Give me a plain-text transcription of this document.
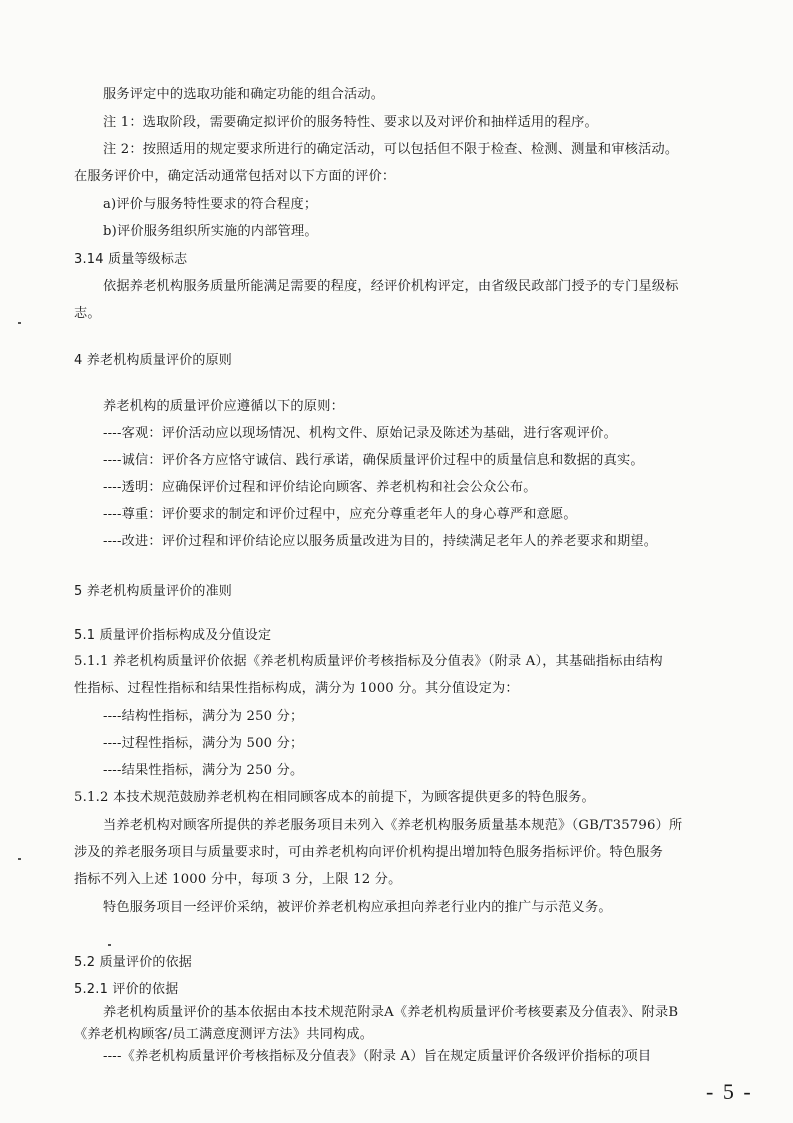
服务评定中的选取功能和确定功能的组合活动。
注 1：选取阶段，需要确定拟评价的服务特性、要求以及对评价和抽样适用的程序。
注 2：按照适用的规定要求所进行的确定活动，可以包括但不限于检查、检测、测量和审核活动。
在服务评价中，确定活动通常包括对以下方面的评价：
a)评价与服务特性要求的符合程度；
b)评价服务组织所实施的内部管理。
3.14 质量等级标志
依据养老机构服务质量所能满足需要的程度，经评价机构评定，由省级民政部门授予的专门星级标
志。
4 养老机构质量评价的原则
养老机构的质量评价应遵循以下的原则：
----客观：评价活动应以现场情况、机构文件、原始记录及陈述为基础，进行客观评价。
----诚信：评价各方应恪守诚信、践行承诺，确保质量评价过程中的质量信息和数据的真实。
----透明：应确保评价过程和评价结论向顾客、养老机构和社会公众公布。
----尊重：评价要求的制定和评价过程中，应充分尊重老年人的身心尊严和意愿。
----改进：评价过程和评价结论应以服务质量改进为目的，持续满足老年人的养老要求和期望。
5 养老机构质量评价的准则
5.1 质量评价指标构成及分值设定
5.1.1 养老机构质量评价依据《养老机构质量评价考核指标及分值表》（附录 A），其基础指标由结构
性指标、过程性指标和结果性指标构成，满分为 1000 分。其分值设定为：
----结构性指标，满分为 250 分；
----过程性指标，满分为 500 分；
----结果性指标，满分为 250 分。
5.1.2 本技术规范鼓励养老机构在相同顾客成本的前提下，为顾客提供更多的特色服务。
当养老机构对顾客所提供的养老服务项目未列入《养老机构服务质量基本规范》（GB/T35796）所
涉及的养老服务项目与质量要求时，可由养老机构向评价机构提出增加特色服务指标评价。特色服务
指标不列入上述 1000 分中，每项 3 分，上限 12 分。
特色服务项目一经评价采纳，被评价养老机构应承担向养老行业内的推广与示范义务。
5.2 质量评价的依据
5.2.1 评价的依据
养老机构质量评价的基本依据由本技术规范附录A《养老机构质量评价考核要素及分值表》、附录B
《养老机构顾客/员工满意度测评方法》共同构成。
----《养老机构质量评价考核指标及分值表》（附录 A）旨在规定质量评价各级评价指标的项目
- 5 -
